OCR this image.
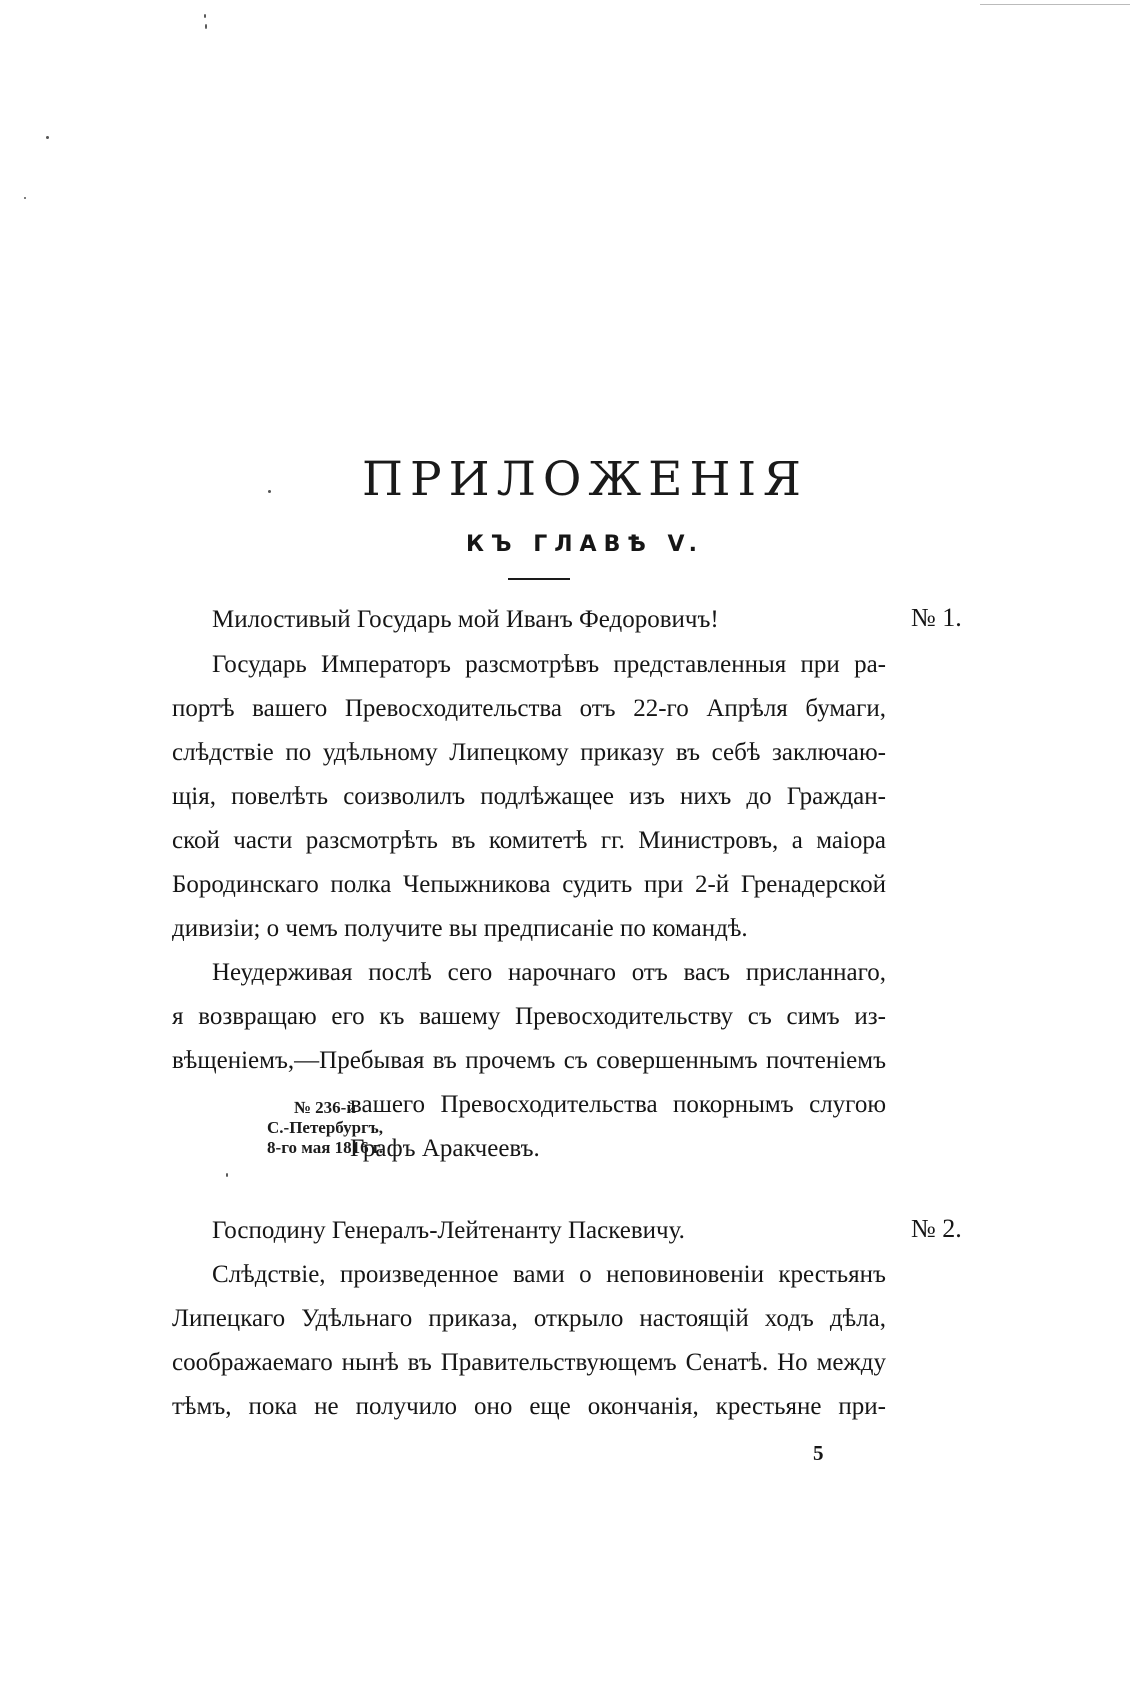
ПРИЛОЖЕНІЯ
КЪ ГЛАВѢ V.
Милостивый Государь мой Иванъ Федоровичъ!	№ 1.
Государь Императоръ разсмотрѣвъ представленныя при ра-
портѣ вашего Превосходительства отъ 22-го Апрѣля бумаги,
слѣдствіе по удѣльному Липецкому приказу въ себѣ заключаю-
щія, повелѣть соизволилъ подлѣжащее изъ нихъ до Граждан-
ской части разсмотрѣть въ комитетѣ гг. Министровъ, а маіора
Бородинскаго полка Чепыжникова судить при 2-й Гренадерской
дивизіи; о чемъ получите вы предписаніе по командѣ.
Неудерживая послѣ сего нарочнаго отъ васъ присланнаго,
я возвращаю его къ вашему Превосходительству съ симъ из-
вѣщеніемъ,—Пребывая въ прочемъ съ совершеннымъ почтеніемъ
вашего Превосходительства покорнымъ слугою
Графъ Аракчеевъ.
№ 236-й
С.-Петербургъ,
8-го мая 1816 г.
Господину Генералъ-Лейтенанту Паскевичу.	№ 2.
Слѣдствіе, произведенное вами о неповиновеніи крестьянъ
Липецкаго Удѣльнаго приказа, открыло настоящій ходъ дѣла,
соображаемаго нынѣ въ Правительствующемъ Сенатѣ. Но между
тѣмъ, пока не получило оно еще окончанія, крестьяне при-
5
